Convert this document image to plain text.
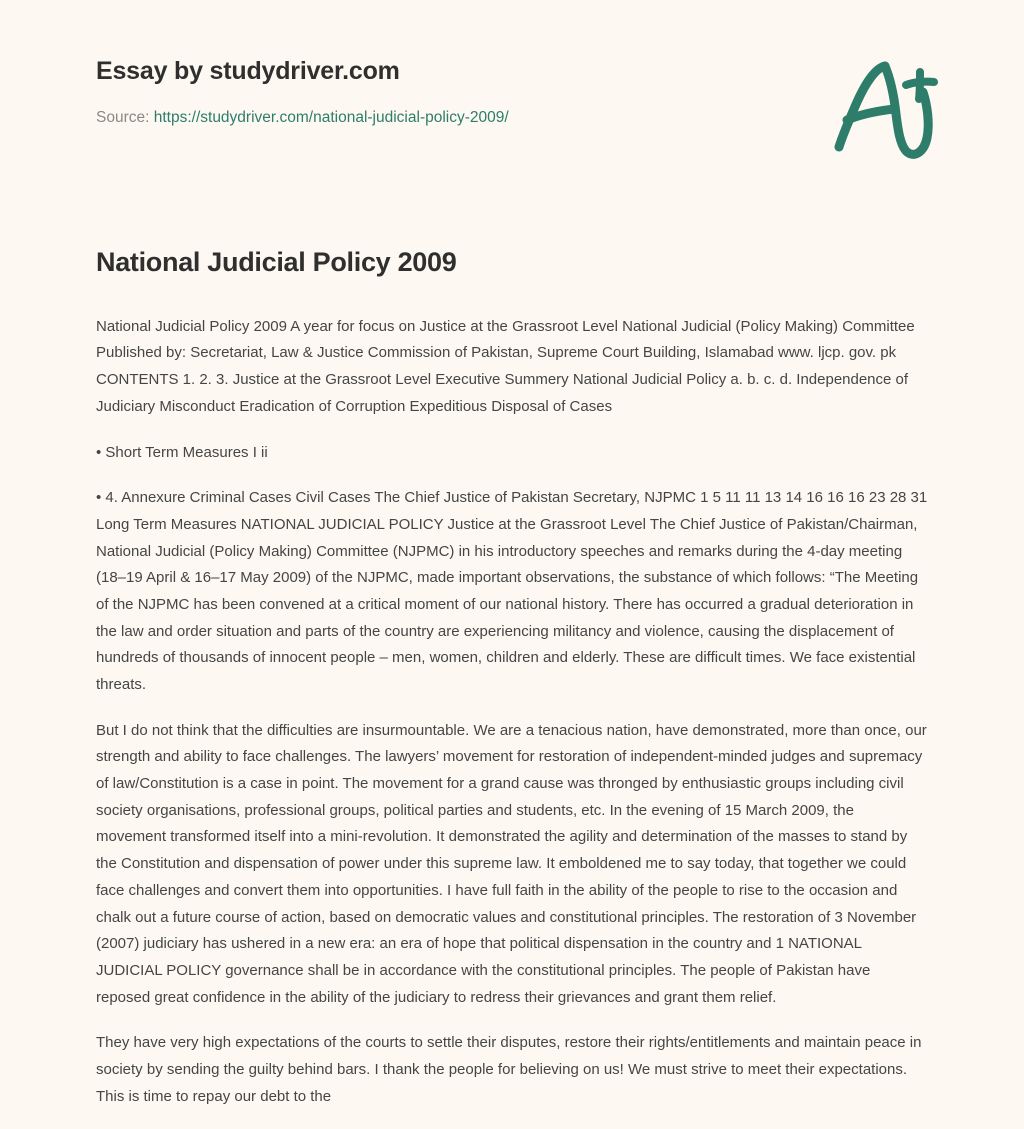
Essay by studydriver.com
Source: https://studydriver.com/national-judicial-policy-2009/
National Judicial Policy 2009

National Judicial Policy 2009 A year for focus on Justice at the Grassroot Level National Judicial (Policy Making) Committee Published by: Secretariat, Law & Justice Commission of Pakistan, Supreme Court Building, Islamabad www. ljcp. gov. pk CONTENTS 1. 2. 3. Justice at the Grassroot Level Executive Summery National Judicial Policy a. b. c. d. Independence of Judiciary Misconduct Eradication of Corruption Expeditious Disposal of Cases

• Short Term Measures I ii

• 4. Annexure Criminal Cases Civil Cases The Chief Justice of Pakistan Secretary, NJPMC 1 5 11 11 13 14 16 16 16 23 28 31 Long Term Measures NATIONAL JUDICIAL POLICY Justice at the Grassroot Level The Chief Justice of Pakistan/Chairman, National Judicial (Policy Making) Committee (NJPMC) in his introductory speeches and remarks during the 4-day meeting (18–19 April & 16–17 May 2009) of the NJPMC, made important observations, the substance of which follows: “The Meeting of the NJPMC has been convened at a critical moment of our national history. There has occurred a gradual deterioration in the law and order situation and parts of the country are experiencing militancy and violence, causing the displacement of hundreds of thousands of innocent people – men, women, children and elderly. These are difficult times. We face existential threats.

But I do not think that the difficulties are insurmountable. We are a tenacious nation, have demonstrated, more than once, our strength and ability to face challenges. The lawyers’ movement for restoration of independent-minded judges and supremacy of law/Constitution is a case in point. The movement for a grand cause was thronged by enthusiastic groups including civil society organisations, professional groups, political parties and students, etc. In the evening of 15 March 2009, the movement transformed itself into a mini-revolution. It demonstrated the agility and determination of the masses to stand by the Constitution and dispensation of power under this supreme law. It emboldened me to say today, that together we could face challenges and convert them into opportunities. I have full faith in the ability of the people to rise to the occasion and chalk out a future course of action, based on democratic values and constitutional principles. The restoration of 3 November (2007) judiciary has ushered in a new era: an era of hope that political dispensation in the country and 1 NATIONAL JUDICIAL POLICY governance shall be in accordance with the constitutional principles. The people of Pakistan have reposed great confidence in the ability of the judiciary to redress their grievances and grant them relief.

They have very high expectations of the courts to settle their disputes, restore their rights/entitlements and maintain peace in society by sending the guilty behind bars. I thank the people for believing on us! We must strive to meet their expectations. This is time to repay our debt to the
